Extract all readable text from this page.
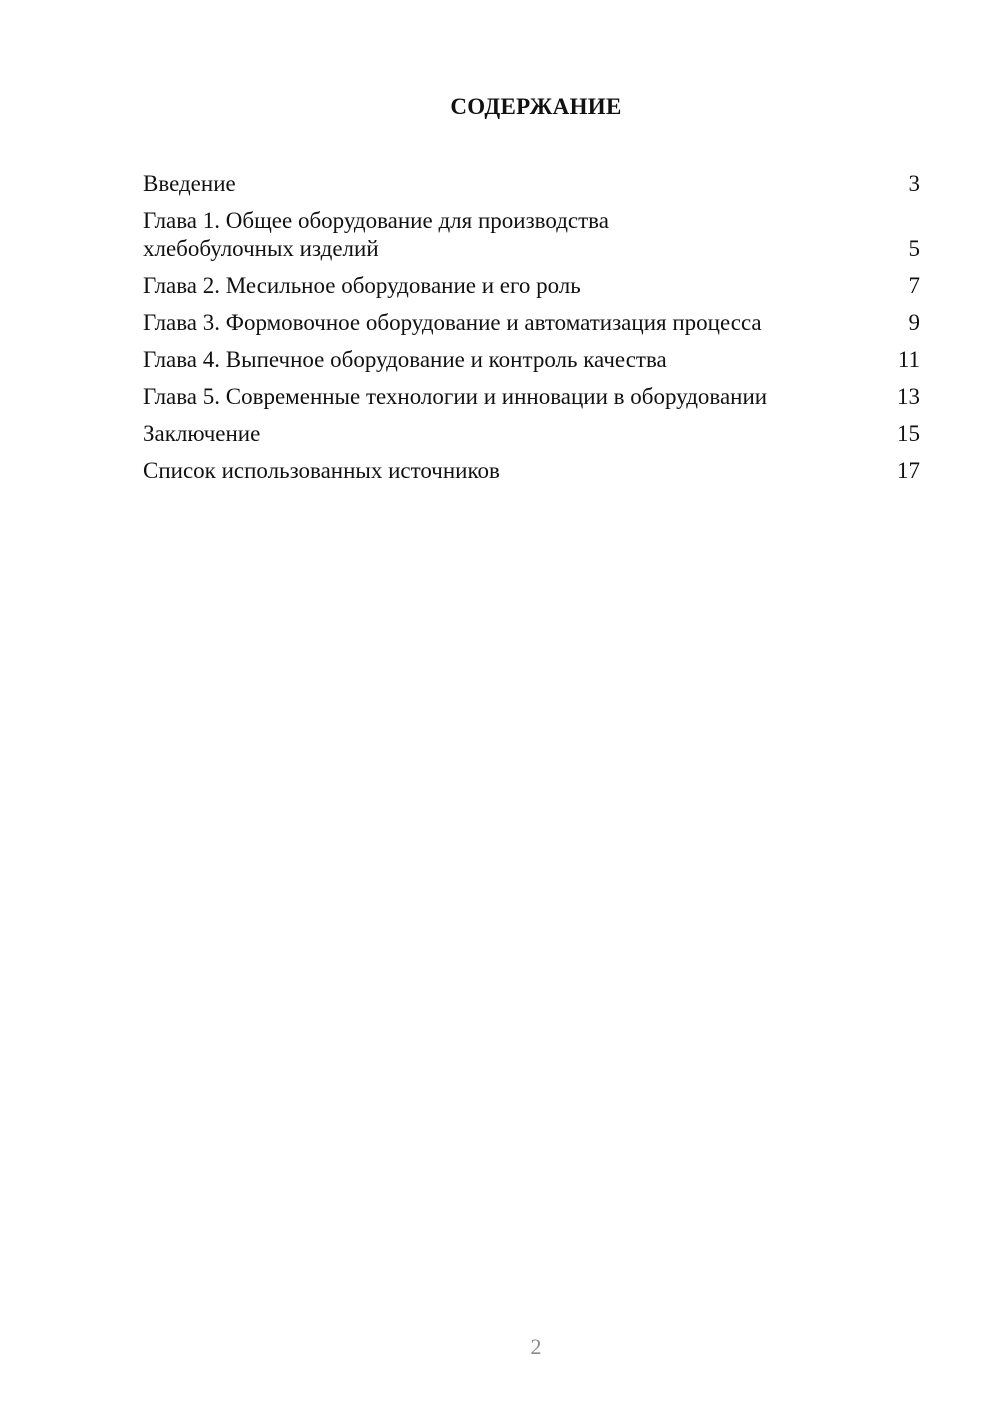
СОДЕРЖАНИЕ
Введение	3
Глава 1. Общее оборудование для производства
хлебобулочных изделий	5
Глава 2. Месильное оборудование и его роль	7
Глава 3. Формовочное оборудование и автоматизация процесса	9
Глава 4. Выпечное оборудование и контроль качества	11
Глава 5. Современные технологии и инновации в оборудовании	13
Заключение	15
Список использованных источников	17
2
